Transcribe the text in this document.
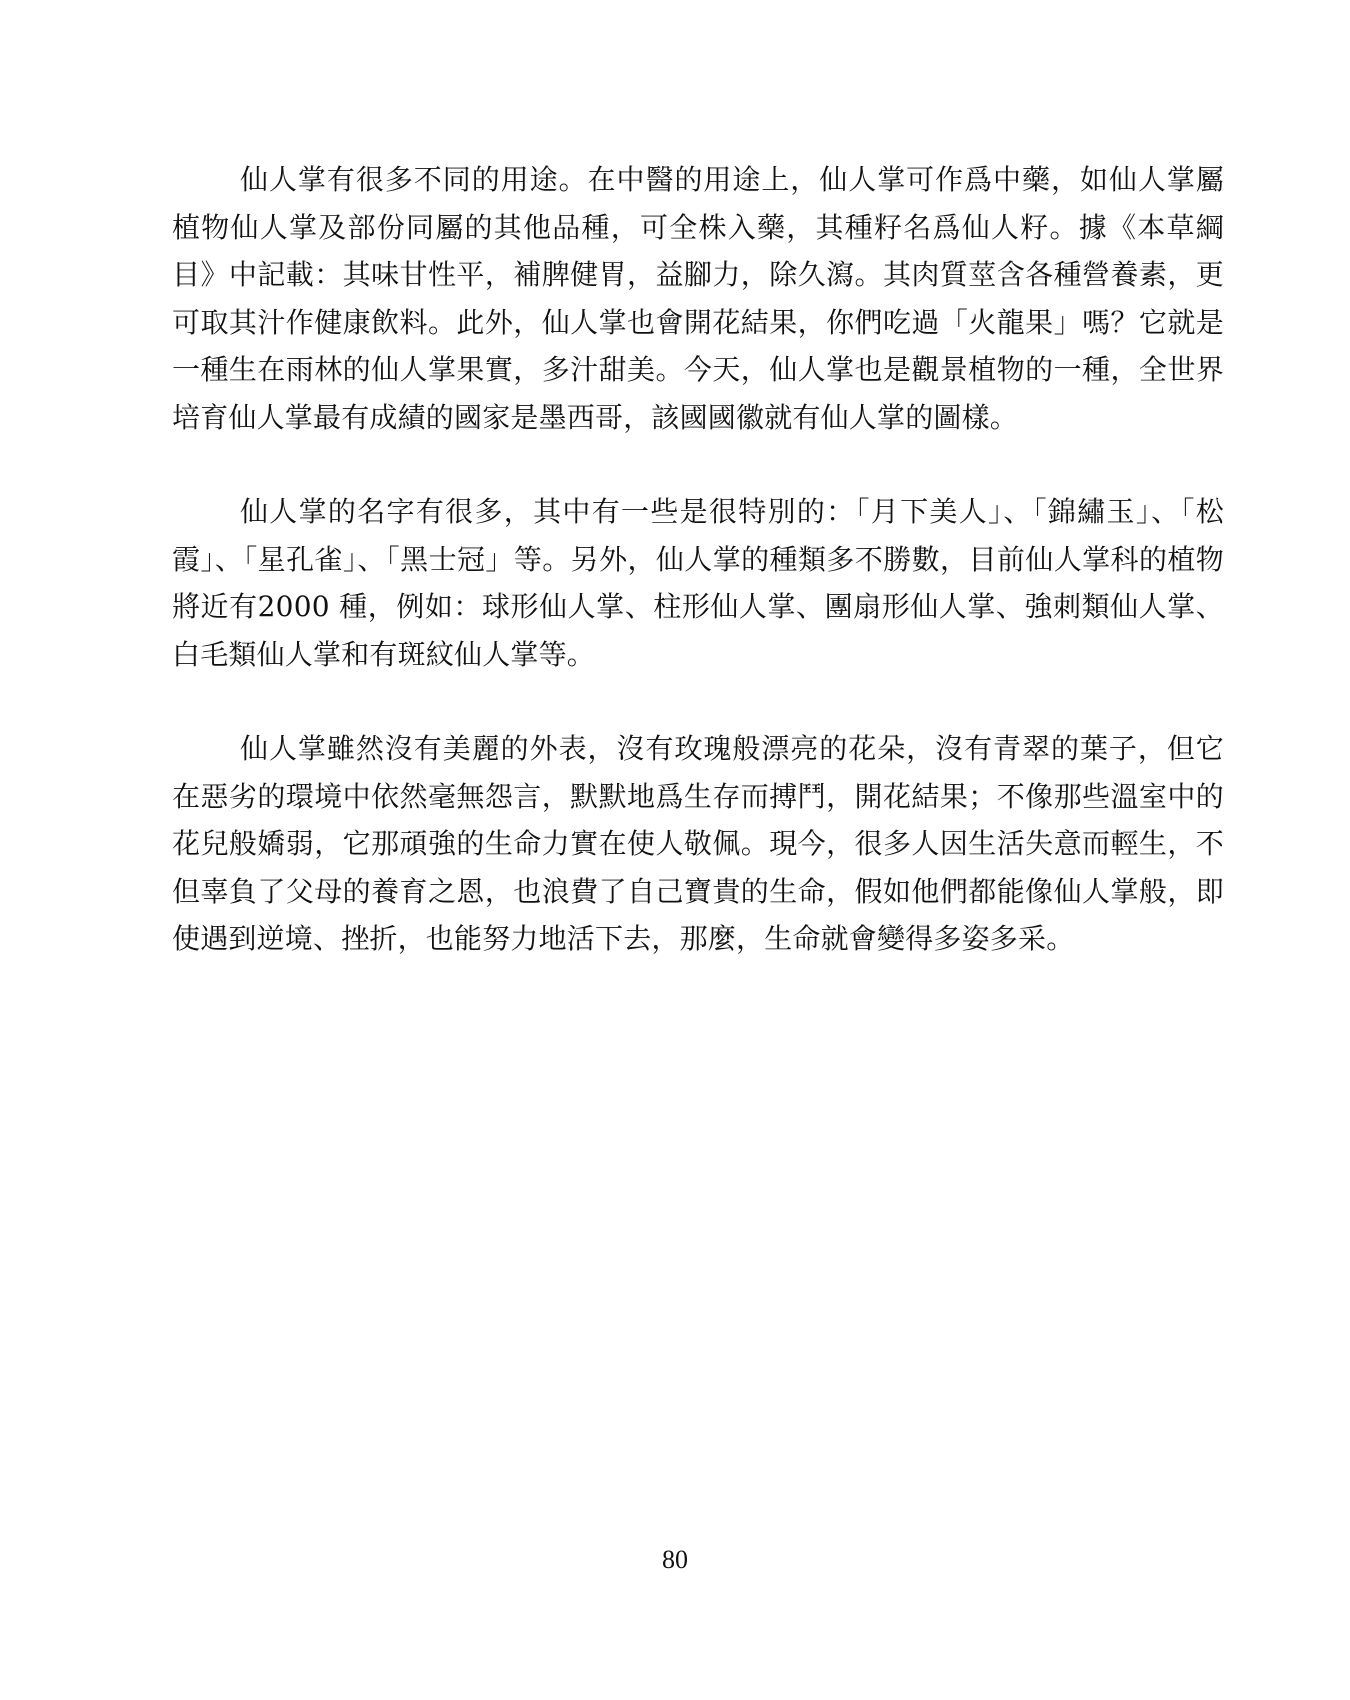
仙人掌有很多不同的用途。在中醫的用途上，仙人掌可作爲中藥，如仙人掌屬植物仙人掌及部份同屬的其他品種，可全株入藥，其種籽名爲仙人籽。據《本草綱目》中記載：其味甘性平，補脾健胃，益腳力，除久瀉。其肉質莖含各種營養素，更可取其汁作健康飲料。此外，仙人掌也會開花結果，你們吃過「火龍果」嗎？它就是一種生在雨林的仙人掌果實，多汁甜美。今天，仙人掌也是觀景植物的一種，全世界培育仙人掌最有成績的國家是墨西哥，該國國徽就有仙人掌的圖樣。

仙人掌的名字有很多，其中有一些是很特別的：「月下美人」、「錦繡玉」、「松霞」、「星孔雀」、「黑士冠」等。另外，仙人掌的種類多不勝數，目前仙人掌科的植物將近有2000 種，例如：球形仙人掌、柱形仙人掌、團扇形仙人掌、強刺類仙人掌、白毛類仙人掌和有斑紋仙人掌等。

仙人掌雖然沒有美麗的外表，沒有玫瑰般漂亮的花朵，沒有青翠的葉子，但它在惡劣的環境中依然毫無怨言，默默地爲生存而搏鬥，開花結果；不像那些溫室中的花兒般嬌弱，它那頑強的生命力實在使人敬佩。現今，很多人因生活失意而輕生，不但辜負了父母的養育之恩，也浪費了自己寶貴的生命，假如他們都能像仙人掌般，即使遇到逆境、挫折，也能努力地活下去，那麼，生命就會變得多姿多采。

80
